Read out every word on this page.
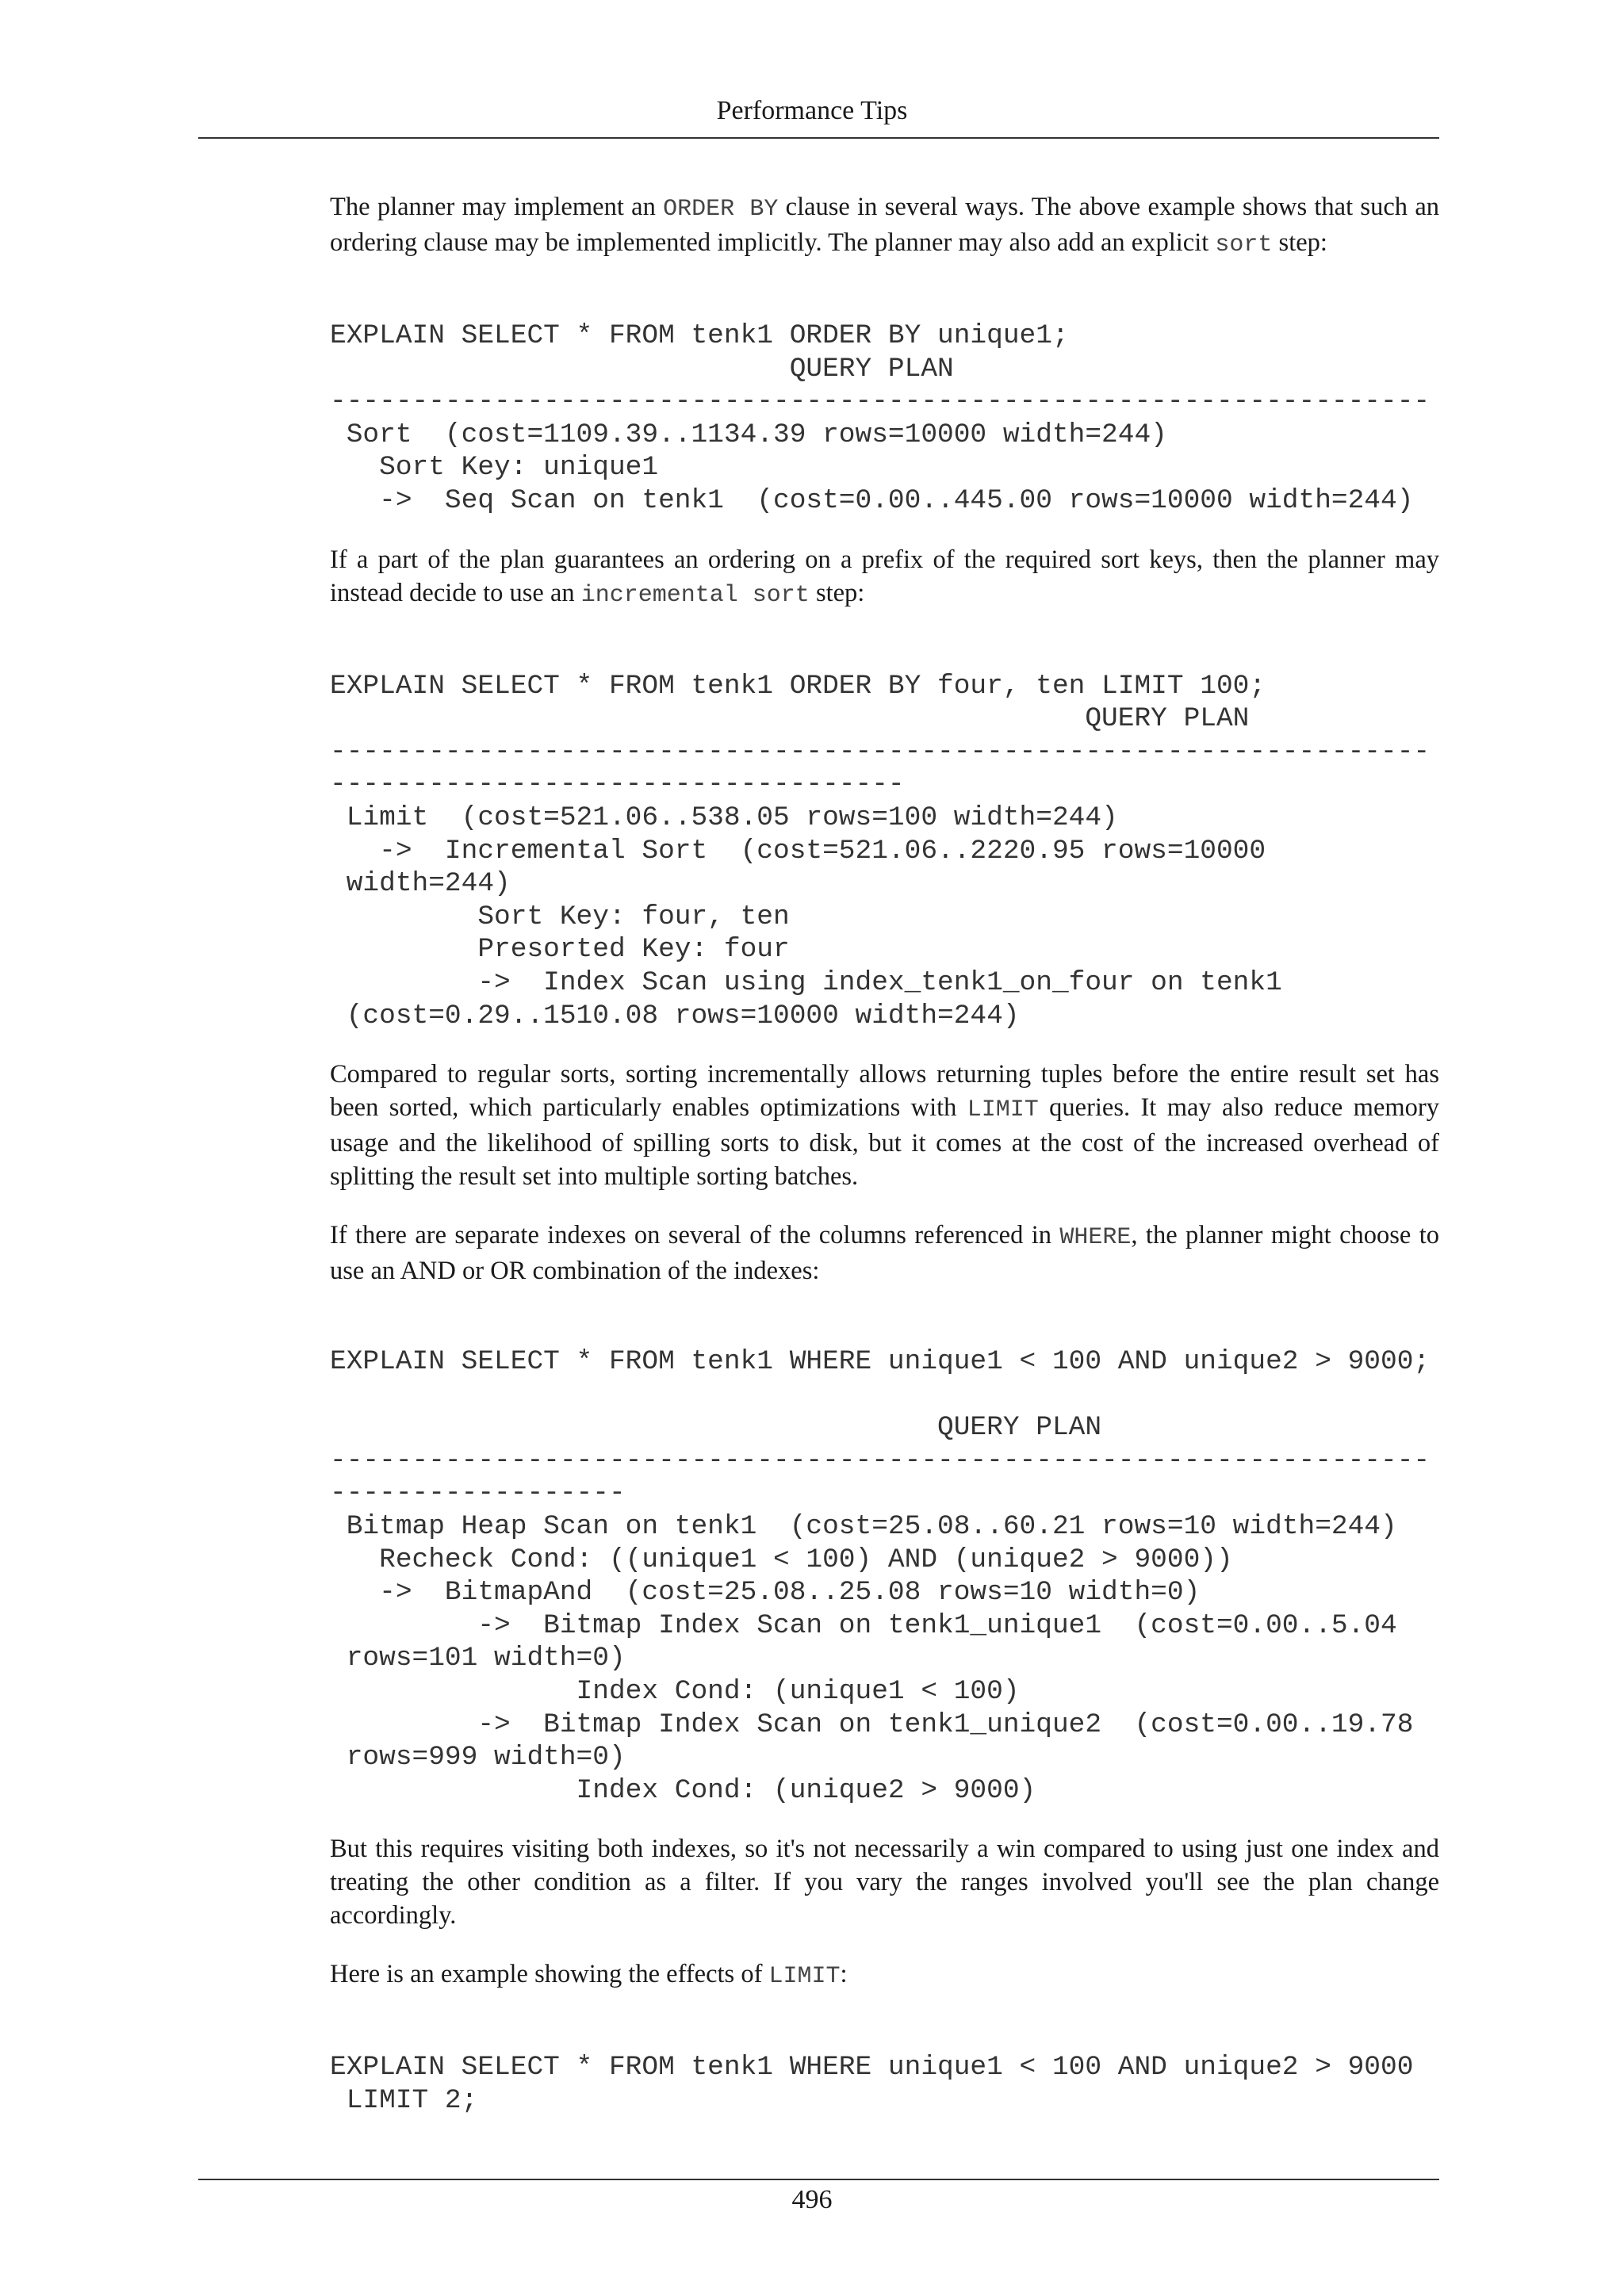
Performance Tips

The planner may implement an ORDER BY clause in several ways. The above example shows that such an ordering clause may be implemented implicitly. The planner may also add an explicit sort step:

EXPLAIN SELECT * FROM tenk1 ORDER BY unique1;
QUERY PLAN
-------------------------------------------------------------------
Sort  (cost=1109.39..1134.39 rows=10000 width=244)
Sort Key: unique1
->  Seq Scan on tenk1  (cost=0.00..445.00 rows=10000 width=244)

If a part of the plan guarantees an ordering on a prefix of the required sort keys, then the planner may instead decide to use an incremental sort step:

EXPLAIN SELECT * FROM tenk1 ORDER BY four, ten LIMIT 100;
QUERY PLAN
-------------------------------------------------------------------
-----------------------------------
Limit  (cost=521.06..538.05 rows=100 width=244)
->  Incremental Sort  (cost=521.06..2220.95 rows=10000
width=244)
Sort Key: four, ten
Presorted Key: four
->  Index Scan using index_tenk1_on_four on tenk1
(cost=0.29..1510.08 rows=10000 width=244)

Compared to regular sorts, sorting incrementally allows returning tuples before the entire result set has been sorted, which particularly enables optimizations with LIMIT queries. It may also reduce memory usage and the likelihood of spilling sorts to disk, but it comes at the cost of the increased overhead of splitting the result set into multiple sorting batches.

If there are separate indexes on several of the columns referenced in WHERE, the planner might choose to use an AND or OR combination of the indexes:

EXPLAIN SELECT * FROM tenk1 WHERE unique1 < 100 AND unique2 > 9000;

QUERY PLAN
-------------------------------------------------------------------
------------------
Bitmap Heap Scan on tenk1  (cost=25.08..60.21 rows=10 width=244)
Recheck Cond: ((unique1 < 100) AND (unique2 > 9000))
->  BitmapAnd  (cost=25.08..25.08 rows=10 width=0)
->  Bitmap Index Scan on tenk1_unique1  (cost=0.00..5.04
rows=101 width=0)
Index Cond: (unique1 < 100)
->  Bitmap Index Scan on tenk1_unique2  (cost=0.00..19.78
rows=999 width=0)
Index Cond: (unique2 > 9000)

But this requires visiting both indexes, so it's not necessarily a win compared to using just one index and treating the other condition as a filter. If you vary the ranges involved you'll see the plan change accordingly.

Here is an example showing the effects of LIMIT:

EXPLAIN SELECT * FROM tenk1 WHERE unique1 < 100 AND unique2 > 9000
LIMIT 2;
496
